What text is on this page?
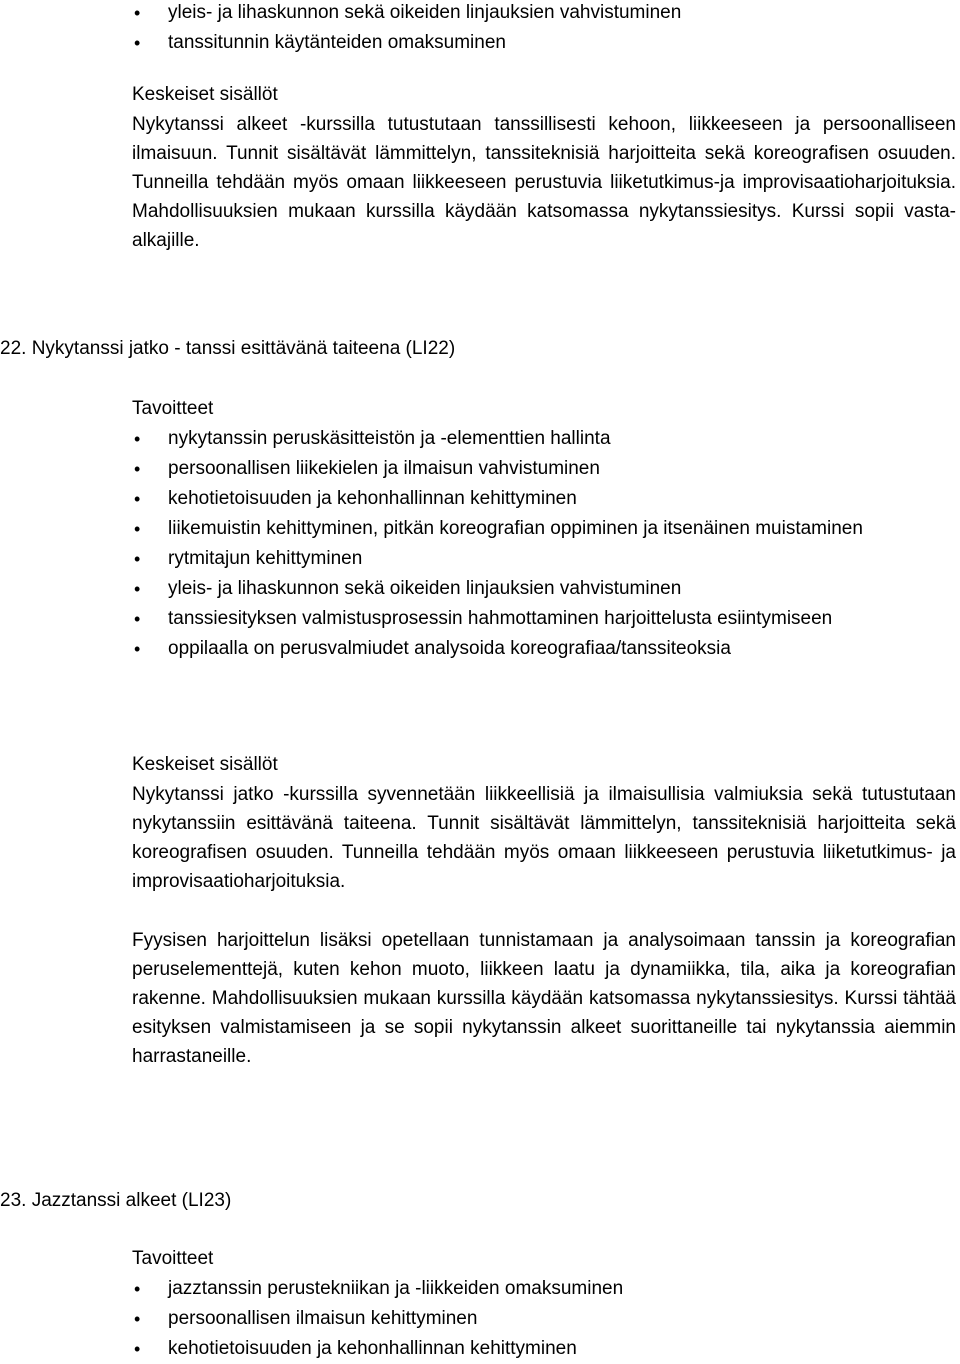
• yleis- ja lihaskunnon sekä oikeiden linjauksien vahvistuminen
• tanssitunnin käytänteiden omaksuminen

Keskeiset sisällöt

Nykytanssi alkeet -kurssilla tutustutaan tanssillisesti kehoon, liikkeeseen ja persoonalliseen ilmaisuun. Tunnit sisältävät lämmittelyn, tanssiteknisiä harjoitteita sekä koreografisen osuuden. Tunneilla tehdään myös omaan liikkeeseen perustuvia liiketutkimus-ja improvisaatioharjoituksia. Mahdollisuuksien mukaan kurssilla käydään katsomassa nykytanssiesitys. Kurssi sopii vasta-alkajille.

22. Nykytanssi jatko - tanssi esittävänä taiteena (LI22)

Tavoitteet

• nykytanssin peruskäsitteistön ja -elementtien hallinta
• persoonallisen liikekielen ja ilmaisun vahvistuminen
• kehotietoisuuden ja kehonhallinnan kehittyminen
• liikemuistin kehittyminen, pitkän koreografian oppiminen ja itsenäinen muistaminen
• rytmitajun kehittyminen
• yleis- ja lihaskunnon sekä oikeiden linjauksien vahvistuminen
• tanssiesityksen valmistusprosessin hahmottaminen harjoittelusta esiintymiseen
• oppilaalla on perusvalmiudet analysoida koreografiaa/tanssiteoksia

Keskeiset sisällöt

Nykytanssi jatko -kurssilla syvennetään liikkeellisiä ja ilmaisullisia valmiuksia sekä tutustutaan nykytanssiin esittävänä taiteena. Tunnit sisältävät lämmittelyn, tanssiteknisiä harjoitteita sekä koreografisen osuuden. Tunneilla tehdään myös omaan liikkeeseen perustuvia liiketutkimus- ja improvisaatioharjoituksia.

Fyysisen harjoittelun lisäksi opetellaan tunnistamaan ja analysoimaan tanssin ja koreografian peruselementtejä, kuten kehon muoto, liikkeen laatu ja dynamiikka, tila, aika ja koreografian rakenne. Mahdollisuuksien mukaan kurssilla käydään katsomassa nykytanssiesitys. Kurssi tähtää esityksen valmistamiseen ja se sopii nykytanssin alkeet suorittaneille tai nykytanssia aiemmin harrastaneille.

23. Jazztanssi alkeet (LI23)

Tavoitteet

• jazztanssin perustekniikan ja -liikkeiden omaksuminen
• persoonallisen ilmaisun kehittyminen
• kehotietoisuuden ja kehonhallinnan kehittyminen
